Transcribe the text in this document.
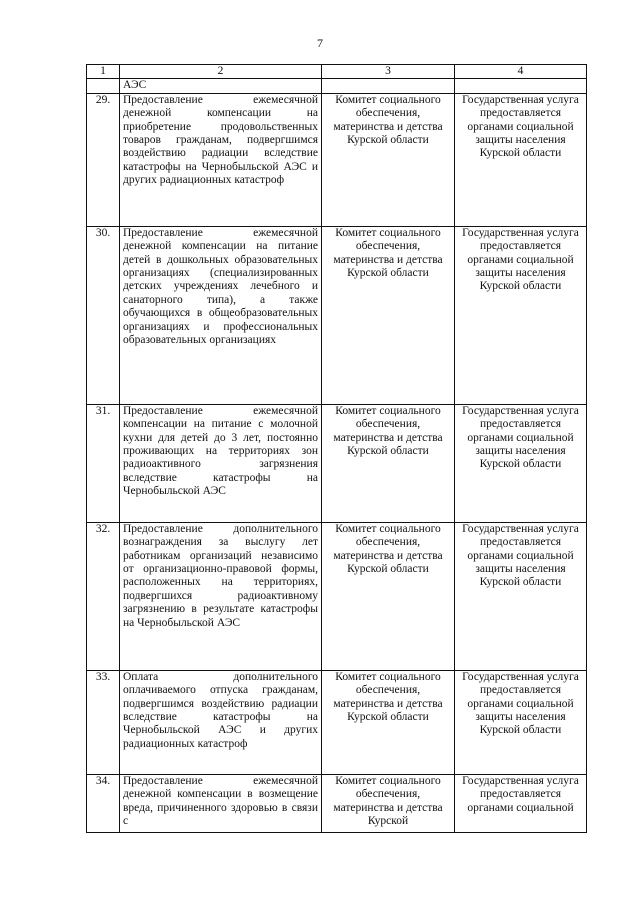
7
1	2	3	4
	АЭС		
29.	Предоставление ежемесячной денежной компенсации на приобретение продовольственных товаров гражданам, подвергшимся воздействию радиации вследствие катастрофы на Чернобыльской АЭС и других радиационных катастроф	Комитет социального обеспечения, материнства и детства Курской области	Государственная услуга предоставляется органами социальной защиты населения Курской области
30.	Предоставление ежемесячной денежной компенсации на питание детей в дошкольных образовательных организациях (специализированных детских учреждениях лечебного и санаторного типа), а также обучающихся в общеобразовательных организациях и профессиональных образовательных организациях	Комитет социального обеспечения, материнства и детства Курской области	Государственная услуга предоставляется органами социальной защиты населения Курской области
31.	Предоставление ежемесячной компенсации на питание с молочной кухни для детей до 3 лет, постоянно проживающих на территориях зон радиоактивного загрязнения вследствие катастрофы на Чернобыльской АЭС	Комитет социального обеспечения, материнства и детства Курской области	Государственная услуга предоставляется органами социальной защиты населения Курской области
32.	Предоставление дополнительного вознаграждения за выслугу лет работникам организаций независимо от организационно-правовой формы, расположенных на территориях, подвергшихся радиоактивному загрязнению в результате катастрофы на Чернобыльской АЭС	Комитет социального обеспечения, материнства и детства Курской области	Государственная услуга предоставляется органами социальной защиты населения Курской области
33.	Оплата дополнительного оплачиваемого отпуска гражданам, подвергшимся воздействию радиации вследствие катастрофы на Чернобыльской АЭС и других радиационных катастроф	Комитет социального обеспечения, материнства и детства Курской области	Государственная услуга предоставляется органами социальной защиты населения Курской области
34.	Предоставление ежемесячной денежной компенсации в возмещение вреда, причиненного здоровью в связи с	Комитет социального обеспечения, материнства и детства Курской	Государственная услуга предоставляется органами социальной
